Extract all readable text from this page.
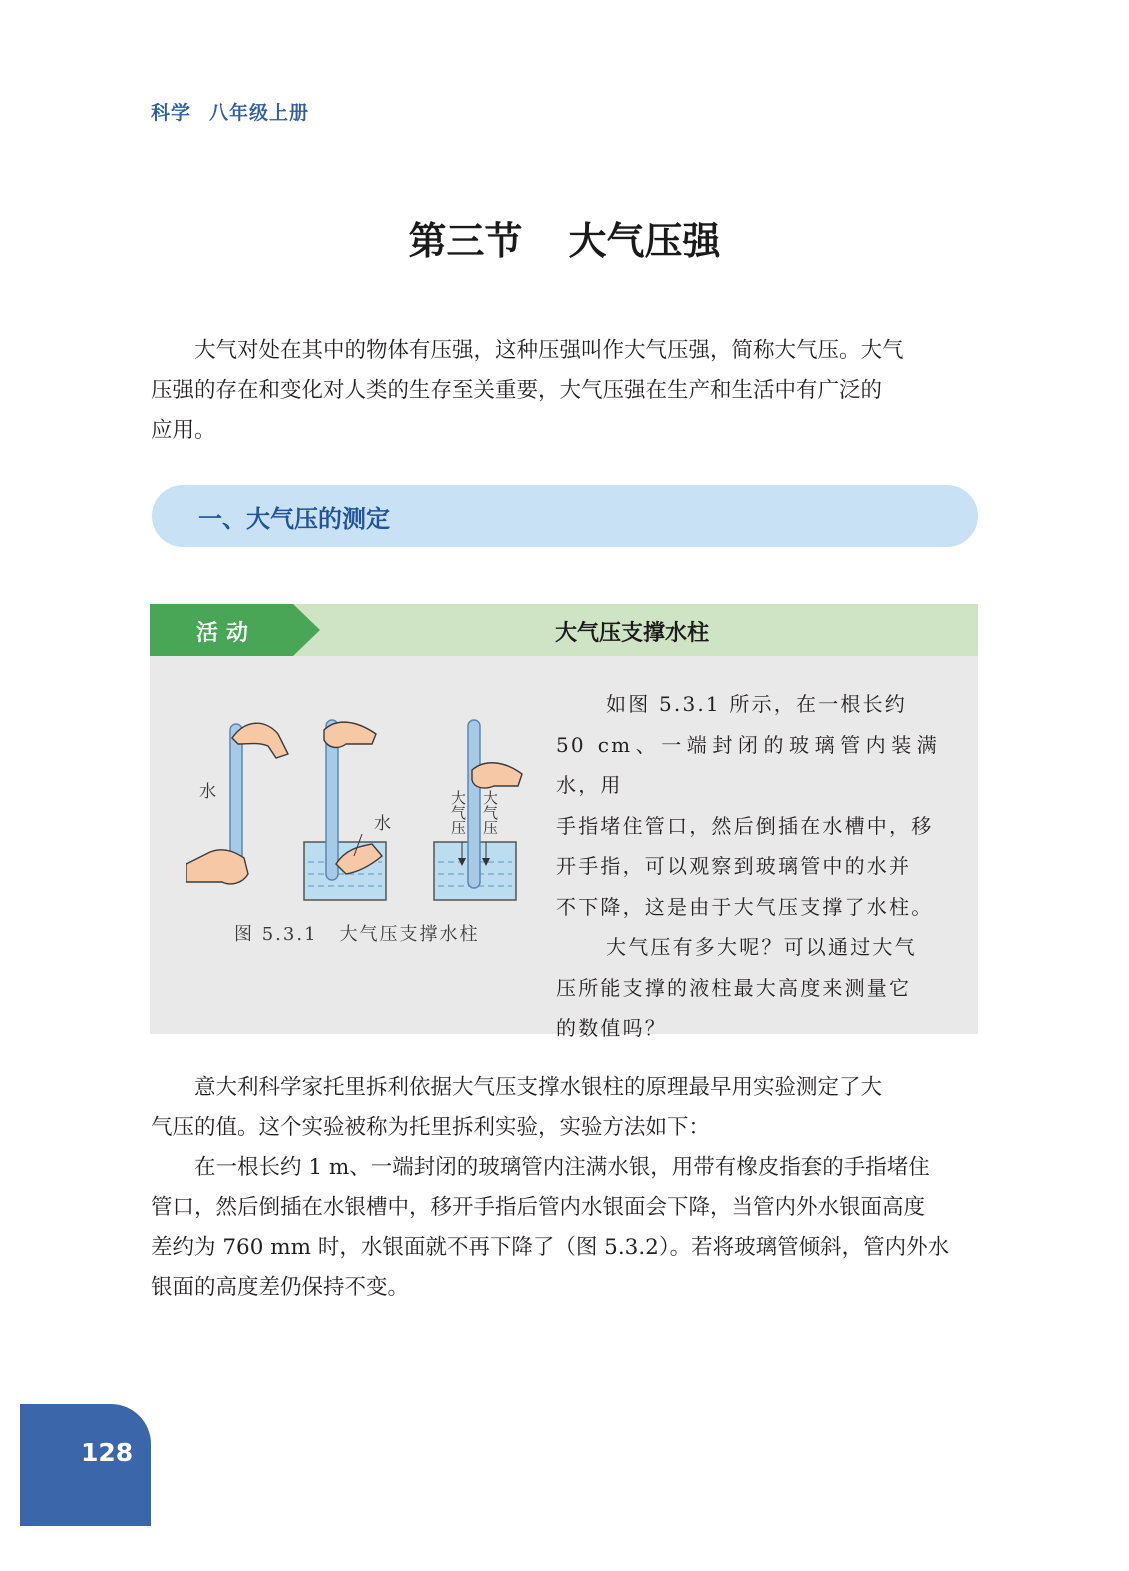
科学 八年级上册
第三节 大气压强
大气对处在其中的物体有压强，这种压强叫作大气压强，简称大气压。大气
压强的存在和变化对人类的生存至关重要，大气压强在生产和生活中有广泛的
应用。
一、大气压的测定
活动	大气压支撑水柱
水
水	大气压 大气压
图 5.3.1 大气压支撑水柱

如图 5.3.1 所示，在一根长约

50 cm、一端封闭的玻璃管内装满水，用

手指堵住管口，然后倒插在水槽中，移

开手指，可以观察到玻璃管中的水并

不下降，这是由于大气压支撑了水柱。

大气压有多大呢？可以通过大气

压所能支撑的液柱最大高度来测量它

的数值吗？

意大利科学家托里拆利依据大气压支撑水银柱的原理最早用实验测定了大
气压的值。这个实验被称为托里拆利实验，实验方法如下：
在一根长约 1 m、一端封闭的玻璃管内注满水银，用带有橡皮指套的手指堵住
管口，然后倒插在水银槽中，移开手指后管内水银面会下降，当管内外水银面高度
差约为 760 mm 时，水银面就不再下降了（图 5.3.2）。若将玻璃管倾斜，管内外水
银面的高度差仍保持不变。
128
